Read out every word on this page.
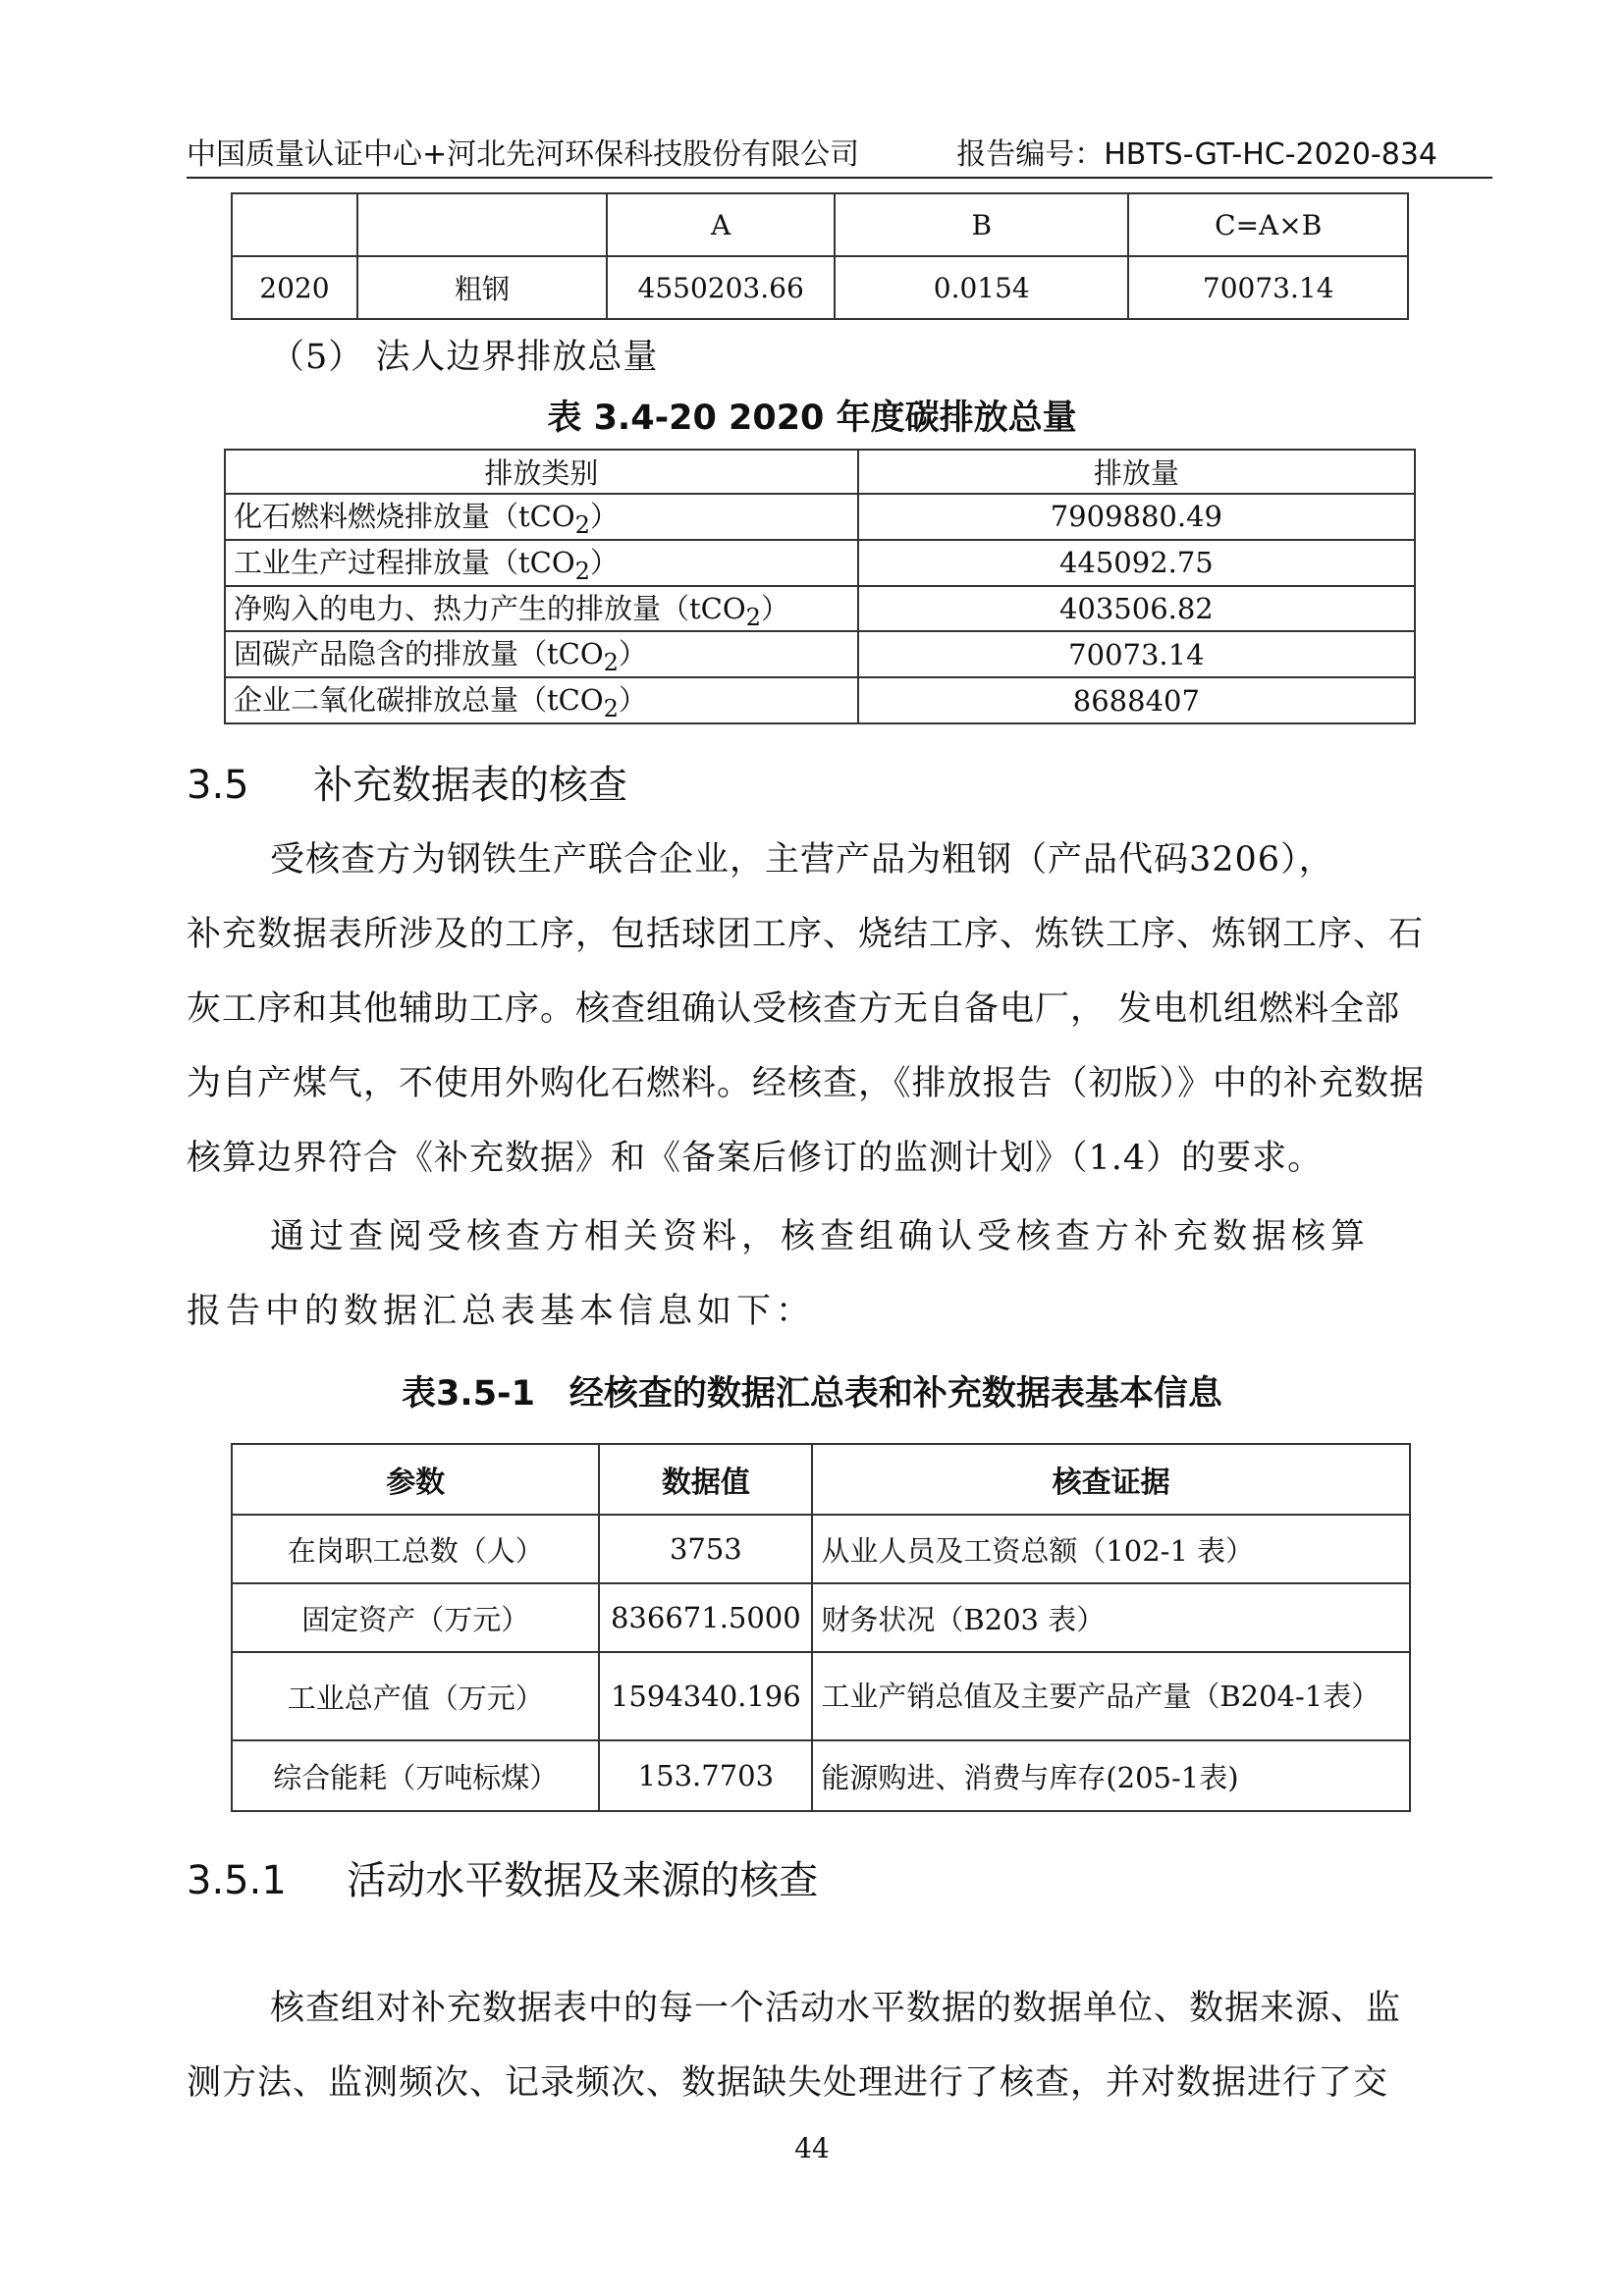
中国质量认证中心+河北先河环保科技股份有限公司	报告编号：HBTS-GT-HC-2020-834
		A	B	C=A×B
2020	粗钢	4550203.66	0.0154	70073.14
（5） 法人边界排放总量
表 3.4-20 2020 年度碳排放总量
排放类别	排放量
化石燃料燃烧排放量（tCO$_2$）	7909880.49
工业生产过程排放量（tCO$_2$）	445092.75
净购入的电力、热力产生的排放量（tCO$_2$）	403506.82
固碳产品隐含的排放量（tCO$_2$）	70073.14
企业二氧化碳排放总量（tCO$_2$）	8688407
3.5 补充数据表的核查
受核查方为钢铁生产联合企业，主营产品为粗钢（产品代码3206），
补充数据表所涉及的工序，包括球团工序、烧结工序、炼铁工序、炼钢工序、石
灰工序和其他辅助工序。核查组确认受核查方无自备电厂， 发电机组燃料全部
为自产煤气，不使用外购化石燃料。经核查，《排放报告（初版）》中的补充数据
核算边界符合《补充数据》和《备案后修订的监测计划》（1.4）的要求。
通过查阅受核查方相关资料，核查组确认受核查方补充数据核算
报告中的数据汇总表基本信息如下：
表3.5-1　经核查的数据汇总表和补充数据表基本信息
参数	数据值	核查证据
在岗职工总数（人）	3753	从业人员及工资总额（102-1 表）
固定资产（万元）	836671.5000	财务状况（B203 表）
工业总产值（万元）	1594340.196	工业产销总值及主要产品产量（B204-1表）
综合能耗（万吨标煤）	153.7703	能源购进、消费与库存(205-1表)
3.5.1 活动水平数据及来源的核查
核查组对补充数据表中的每一个活动水平数据的数据单位、数据来源、监
测方法、监测频次、记录频次、数据缺失处理进行了核查，并对数据进行了交
44
